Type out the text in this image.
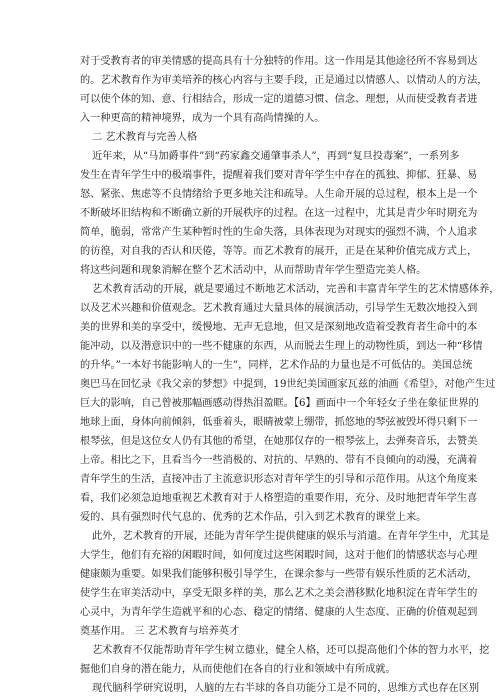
对于受教育者的审美情感的提高具有十分独特的作用。这一作用是其他途径所不容易到达
的。艺术教育作为审美培养的核心内容与主要手段，正是通过以情感人、以情动人的方法，
可以使个体的知、意、行相结合，形成一定的道德习惯、信念、理想，从而使受教育者进
入一种更高的精神境界，成为一个具有高尚情操的人。
二 艺术教育与完善人格
近年来，从“马加爵事件”到“药家鑫交通肇事杀人”，再到“复旦投毒案”，一系列多
发生在青年学生中的极端事件，提醒着我们要对青年学生中存在的孤独、抑郁、狂暴、易
怒、紧张、焦虑等不良情绪给予更多地关注和疏导。人生命开展的总过程，根本上是一个
不断破坏旧结构和不断确立新的开展秩序的过程。在这一过程中，尤其是青少年时期充为
简单，脆弱，常常产生某种暂时性的生命失落，具体表现为对现实的强烈不满，个人追求
的彷徨，对自我的否认和厌倦，等等。而艺术教育的展开，正是在某种价值完成方式上，
将这些问题和现象消解在整个艺术活动中，从而帮助青年学生塑造完美人格。
艺术教育活动的开展，就是要通过不断地艺术活动，完善和丰富青年学生的艺术情感体养，
以及艺术兴趣和价值观念。艺术教育通过大量具体的展演活动，引导学生无数次地投入到
美的世界和美的享受中，缓慢地、无声无息地，但又是深刻地改造着受教育者生命中的本
能冲动，以及潜意识中的一些不健康的东西，从而脱去生理上的动物性质，到达一种“移情
的升华。”一本好书能影响人的一生”，同样，艺术作品的力量也是不可低估的。美国总统
奥巴马在回忆录《我父亲的梦想》中提到，19世纪美国画家瓦兹的油画《希望》，对他产生过
巨大的影响，自己曾被那幅画感动得热泪盈眶。【6】画面中一个年轻女子坐在象征世界的
地球上面，身体向前倾斜，低垂着头，眼睛被蒙上绷带，抓悠地的琴弦被毁坏得只剩下一
根琴弦，但是这位女人仍有其他的希望，在她那仅存的一根琴弦上，去弹奏音乐，去赞美
上帝。相比之下，且看当今一些消极的、对抗的、早熟的、带有不良倾向的动漫，充满着
青年学生的生活，直接冲击了主流意识形态对青年学生的引导和示范作用。从这个角度来
看，我们必须急迫地重视艺术教育对于人格塑造的重要作用，充分、及时地把青年学生喜
爱的、具有强烈时代气息的、优秀的艺术作品，引入到艺术教育的课堂上来。
此外，艺术教育的开展，还能为青年学生提供健康的娱乐与消遣。在青年学生中，尤其是
大学生，他们有充裕的闲暇时间，如何度过这些闲暇时间，这对于他们的情感状态与心理
健康颇为重要。如果我们能够积极引导学生，在课余参与一些带有娱乐性质的艺术活动，
使学生在审美活动中，享受无限多样的美，那么艺术之美会潜移默化地积淀在青年学生的
心灵中，为青年学生造就平和的心态、稳定的情绪、健康的人生态度、正确的价值观起到
奠基作用。 三 艺术教育与培养英才
艺术教育不仅能帮助青年学生树立德业，健全人格，还可以提高他们个体的智力水平，挖
掘他们自身的潜在能力，从而使他们在各自的行业和领域中有所成就。
现代脑科学研究说明，人脑的左右半球的各自功能分工是不同的，思维方式也存在区别
